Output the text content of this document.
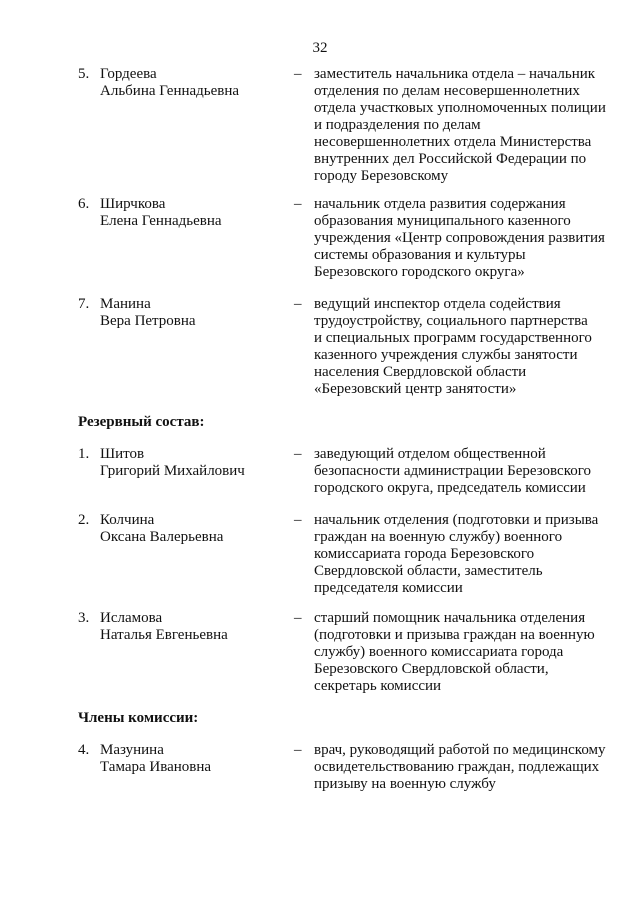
32
5. Гордеева
Альбина Геннадьевна
– заместитель начальника отдела – начальник
отделения по делам несовершеннолетних
отдела участковых уполномоченных полиции
и подразделения по делам
несовершеннолетних отдела Министерства
внутренних дел Российской Федерации по
городу Березовскому
6. Ширчкова
Елена Геннадьевна
– начальник отдела развития содержания
образования муниципального казенного
учреждения «Центр сопровождения развития
системы образования и культуры
Березовского городского округа»
7. Манина
Вера Петровна
– ведущий инспектор отдела содействия
трудоустройству, социального партнерства
и специальных программ государственного
казенного учреждения службы занятости
населения Свердловской области
«Березовский центр занятости»
Резервный состав:
1. Шитов
Григорий Михайлович
– заведующий отделом общественной
безопасности администрации Березовского
городского округа, председатель комиссии
2. Колчина
Оксана Валерьевна
– начальник отделения (подготовки и призыва
граждан на военную службу) военного
комиссариата города Березовского
Свердловской области, заместитель
председателя комиссии
3. Исламова
Наталья Евгеньевна
– старший помощник начальника отделения
(подготовки и призыва граждан на военную
службу) военного комиссариата города
Березовского Свердловской области,
секретарь комиссии
Члены комиссии:
4. Мазунина
Тамара Ивановна
– врач, руководящий работой по медицинскому
освидетельствованию граждан, подлежащих
призыву на военную службу
